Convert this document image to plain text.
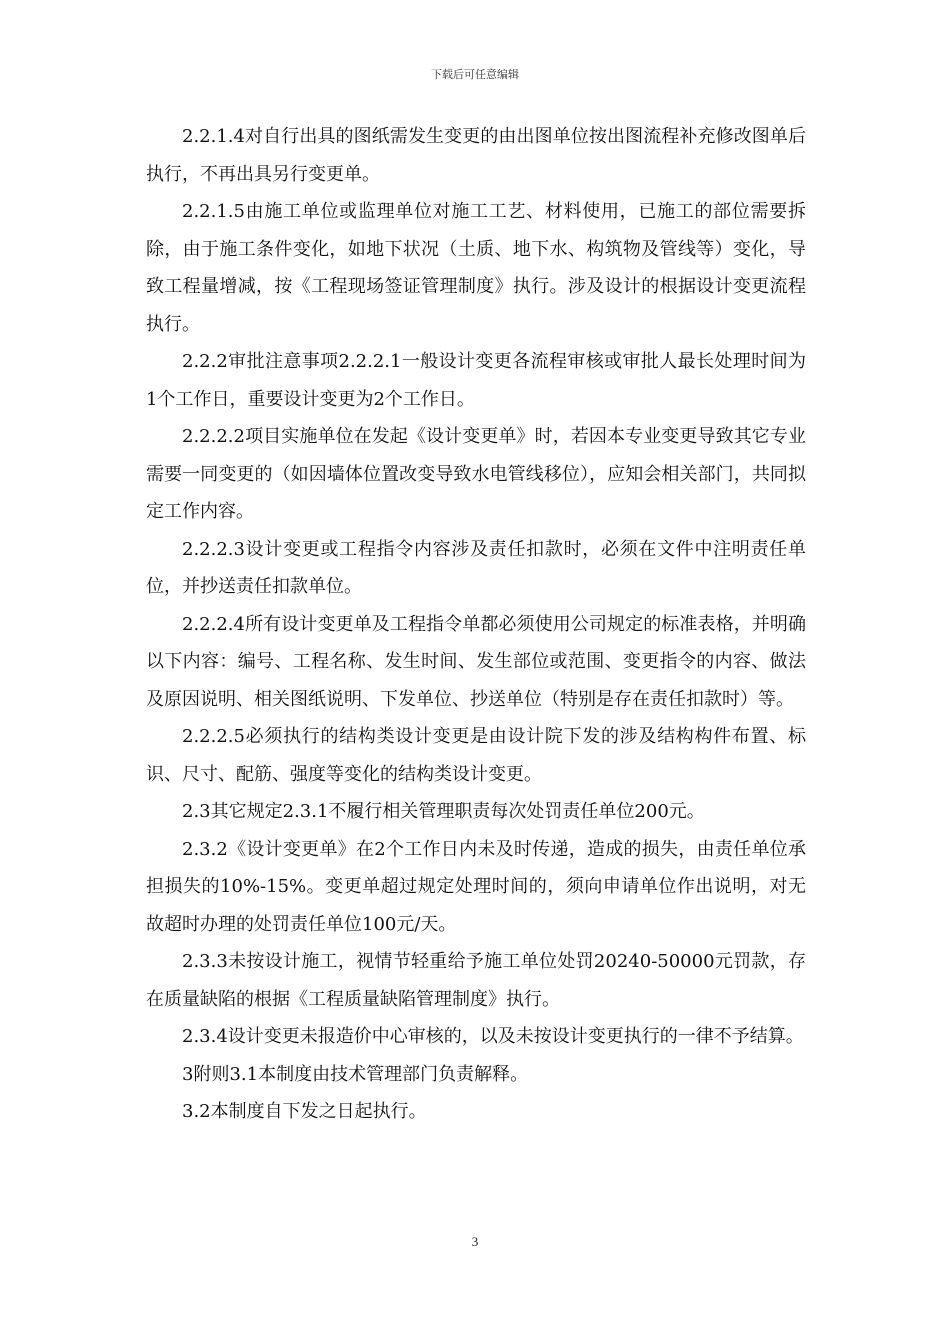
下载后可任意编辑

2.2.1.4对自行出具的图纸需发生变更的由出图单位按出图流程补充修改图单后执行，不再出具另行变更单。

2.2.1.5由施工单位或监理单位对施工工艺、材料使用，已施工的部位需要拆除，由于施工条件变化，如地下状况（土质、地下水、构筑物及管线等）变化，导致工程量增减，按《工程现场签证管理制度》执行。涉及设计的根据设计变更流程执行。

2.2.2审批注意事项2.2.2.1一般设计变更各流程审核或审批人最长处理时间为1个工作日，重要设计变更为2个工作日。

2.2.2.2项目实施单位在发起《设计变更单》时，若因本专业变更导致其它专业需要一同变更的（如因墙体位置改变导致水电管线移位），应知会相关部门，共同拟定工作内容。

2.2.2.3设计变更或工程指令内容涉及责任扣款时，必须在文件中注明责任单位，并抄送责任扣款单位。

2.2.2.4所有设计变更单及工程指令单都必须使用公司规定的标准表格，并明确以下内容：编号、工程名称、发生时间、发生部位或范围、变更指令的内容、做法及原因说明、相关图纸说明、下发单位、抄送单位（特别是存在责任扣款时）等。

2.2.2.5必须执行的结构类设计变更是由设计院下发的涉及结构构件布置、标识、尺寸、配筋、强度等变化的结构类设计变更。

2.3其它规定2.3.1不履行相关管理职责每次处罚责任单位200元。

2.3.2《设计变更单》在2个工作日内未及时传递，造成的损失，由责任单位承担损失的10%-15%。变更单超过规定处理时间的，须向申请单位作出说明，对无故超时办理的处罚责任单位100元/天。

2.3.3未按设计施工，视情节轻重给予施工单位处罚20240-50000元罚款，存在质量缺陷的根据《工程质量缺陷管理制度》执行。

2.3.4设计变更未报造价中心审核的，以及未按设计变更执行的一律不予结算。

3附则3.1本制度由技术管理部门负责解释。

3.2本制度自下发之日起执行。

3
